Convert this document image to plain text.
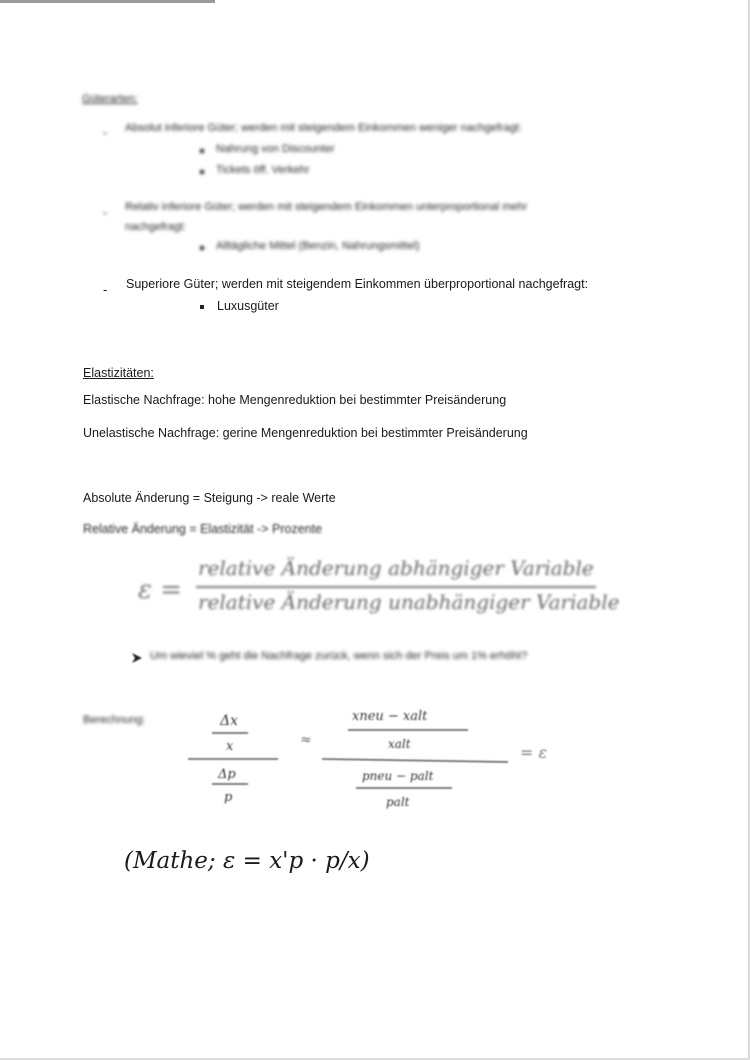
Güterarten:
- Absolut inferiore Güter; werden mit steigendem Einkommen weniger nachgefragt:
Nahrung von Discounter
Tickets öff. Verkehr
- Relativ inferiore Güter; werden mit steigendem Einkommen unterproportional mehr
nachgefragt:
Alltägliche Mittel (Benzin, Nahrungsmittel)
- Superiore Güter; werden mit steigendem Einkommen überproportional nachgefragt:
Luxusgüter
Elastizitäten:
Elastische Nachfrage: hohe Mengenreduktion bei bestimmter Preisänderung
Unelastische Nachfrage: gerine Mengenreduktion bei bestimmter Preisänderung
Absolute Änderung = Steigung -> reale Werte
Relative Änderung = Elastizität -> Prozente
ε =
relative Änderung abhängiger Variable
relative Änderung unabhängiger Variable
Um wieviel % geht die Nachfrage zurück, wenn sich der Preis um 1% erhöht?
Berechnung:	Δx
x
Δp
p
≈
xneu − xalt
xalt
pneu − palt
palt
= ε
(Mathe; ε = x'p · p/x)
